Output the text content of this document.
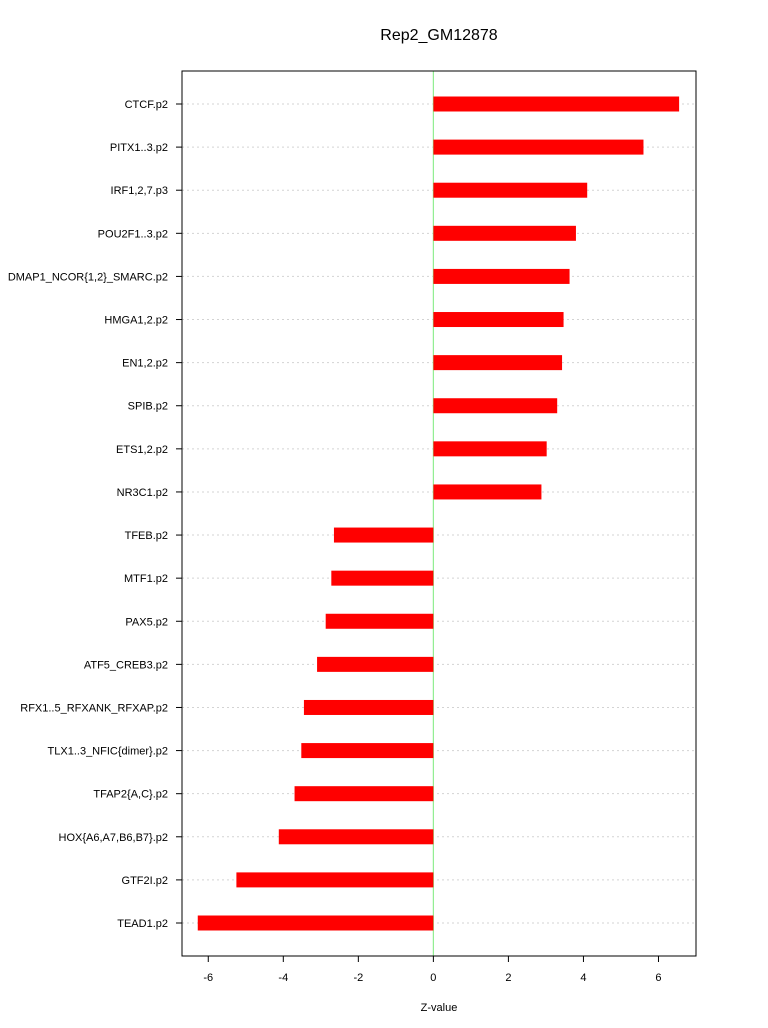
Rep2_GM12878
CTCF.p2
PITX1..3.p2
IRF1,2,7.p3
POU2F1..3.p2
DMAP1_NCOR{1,2}_SMARC.p2
HMGA1,2.p2
EN1,2.p2
SPIB.p2
ETS1,2.p2
NR3C1.p2
TFEB.p2
MTF1.p2
PAX5.p2
ATF5_CREB3.p2
RFX1..5_RFXANK_RFXAP.p2
TLX1..3_NFIC{dimer}.p2
TFAP2{A,C}.p2
HOX{A6,A7,B6,B7}.p2
GTF2I.p2
TEAD1.p2
-6	-4	-2	0	2	4	6
Z-value
